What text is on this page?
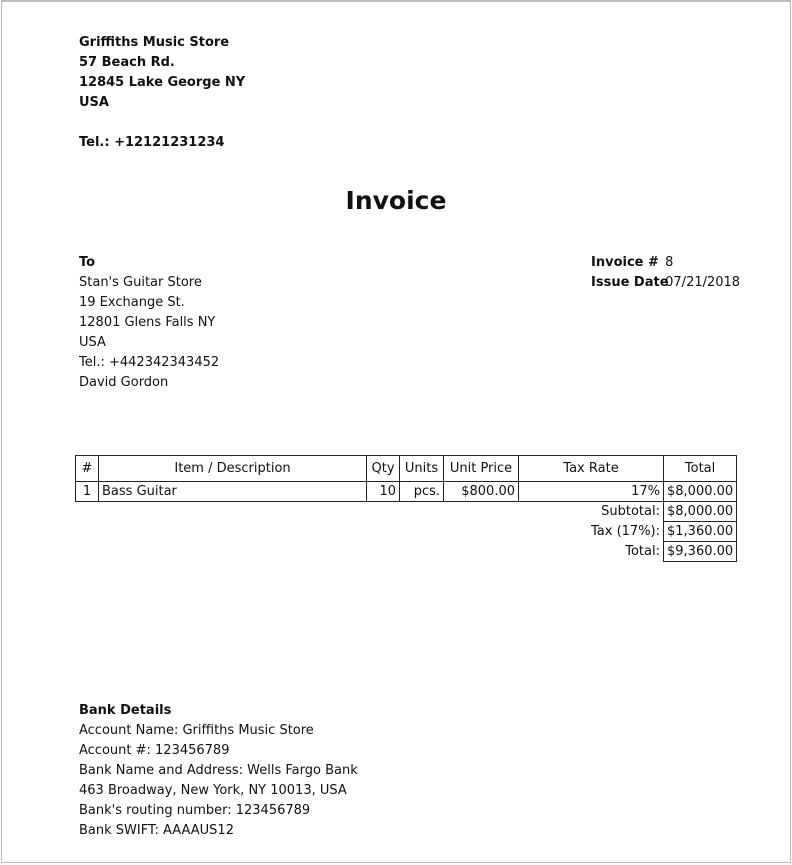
Griffiths Music Store
57 Beach Rd.
12845 Lake George NY
USA
Tel.: +12121231234
Invoice
To
Stan's Guitar Store
19 Exchange St.
12801 Glens Falls NY
USA
Tel.: +442342343452
David Gordon
Invoice # 8
Issue Date 07/21/2018
#	Item / Description	Qty	Units	Unit Price	Tax Rate	Total
1	Bass Guitar	10	pcs.	$800.00	17%	$8,000.00
Subtotal:						$8,000.00
Tax (17%):						$1,360.00
Total:						$9,360.00
Bank Details
Account Name: Griffiths Music Store
Account #: 123456789
Bank Name and Address: Wells Fargo Bank
463 Broadway, New York, NY 10013, USA
Bank's routing number: 123456789
Bank SWIFT: AAAAUS12
